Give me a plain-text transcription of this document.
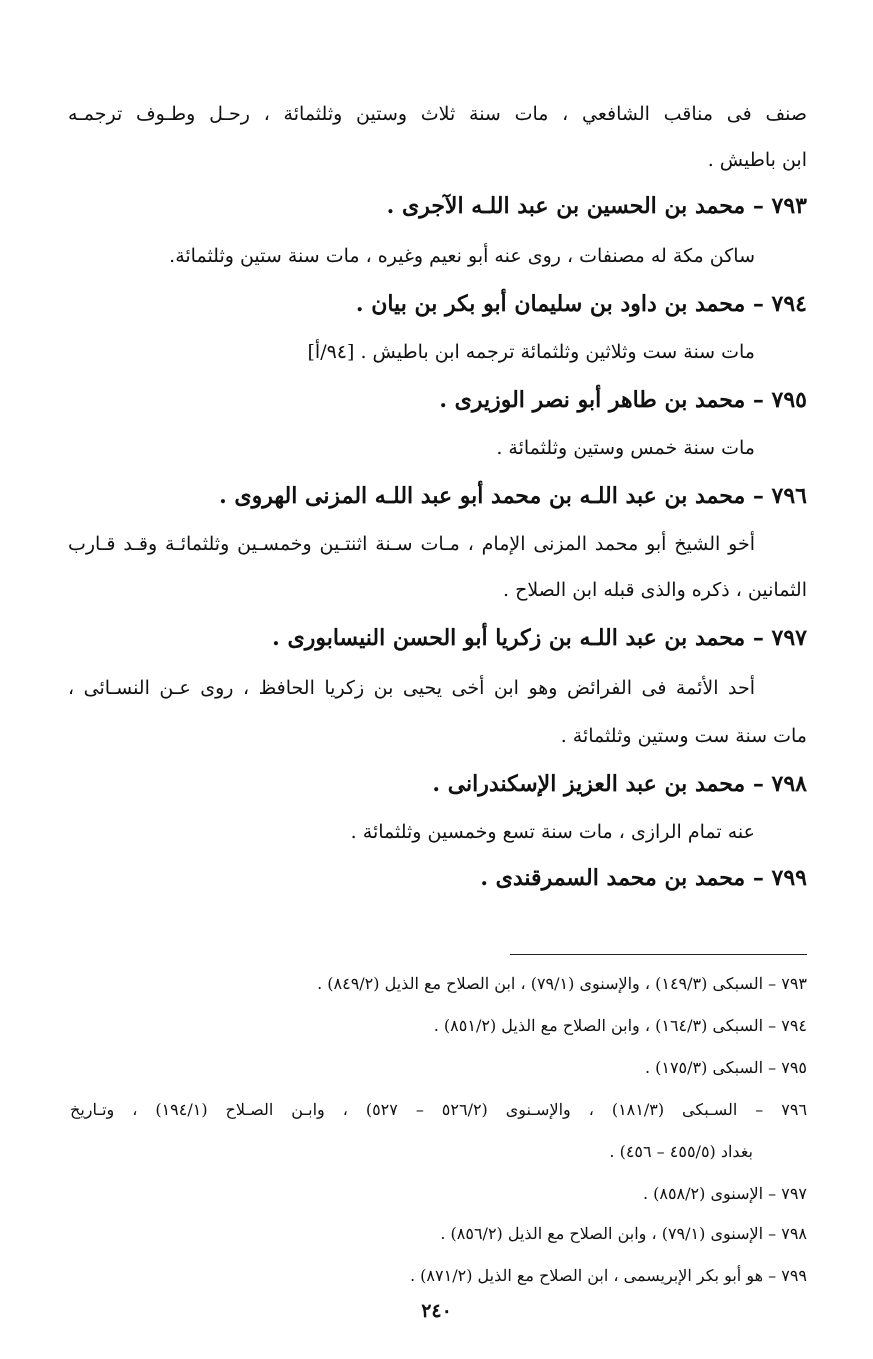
صنف فى مناقب الشافعي ، مات سنة ثلاث وستين وثلثمائة ، رحـل وطـوف ترجمـه
ابن باطيش .
٧٩٣ – محمد بن الحسين بن عبد اللـه الآجرى .
ساكن مكة له مصنفات ، روى عنه أبو نعيم وغيره ، مات سنة ستين وثلثمائة.
٧٩٤ – محمد بن داود بن سليمان أبو بكر بن بيان .
مات سنة ست وثلاثين وثلثمائة ترجمه ابن باطيش . [٩٤/أ]
٧٩٥ – محمد بن طاهر أبو نصر الوزيرى .
مات سنة خمس وستين وثلثمائة .
٧٩٦ – محمد بن عبد اللـه بن محمد أبو عبد اللـه المزنى الهروى .
أخو الشيخ أبو محمد المزنى الإمام ، مـات سـنة اثنتـين وخمسـين وثلثمائـة وقـد قـارب
الثمانين ، ذكره والذى قبله ابن الصلاح .
٧٩٧ – محمد بن عبد اللـه بن زكريا أبو الحسن النيسابورى .
أحد الأئمة فى الفرائض وهو ابن أخى يحيى بن زكريا الحافظ ، روى عـن النسـائى ،
مات سنة ست وستين وثلثمائة .
٧٩٨ – محمد بن عبد العزيز الإسكندرانى .
عنه تمام الرازى ، مات سنة تسع وخمسين وثلثمائة .
٧٩٩ – محمد بن محمد السمرقندى .
٧٩٣ – السبكى (١٤٩/٣) ، والإسنوى (٧٩/١) ، ابن الصلاح مع الذيل (٨٤٩/٢) .
٧٩٤ – السبكى (١٦٤/٣) ، وابن الصلاح مع الذيل (٨٥١/٢) .
٧٩٥ – السبكى (١٧٥/٣) .
٧٩٦ – السـبكى (١٨١/٣) ، والإسـنوى (٥٢٦/٢ – ٥٢٧) ، وابـن الصـلاح (١٩٤/١) ، وتـاريخ
بغداد (٤٥٥/٥ – ٤٥٦) .
٧٩٧ – الإسنوى (٨٥٨/٢) .
٧٩٨ – الإسنوى (٧٩/١) ، وابن الصلاح مع الذيل (٨٥٦/٢) .
٧٩٩ – هو أبو بكر الإبريسمى ، ابن الصلاح مع الذيل (٨٧١/٢) .
٢٤٠
